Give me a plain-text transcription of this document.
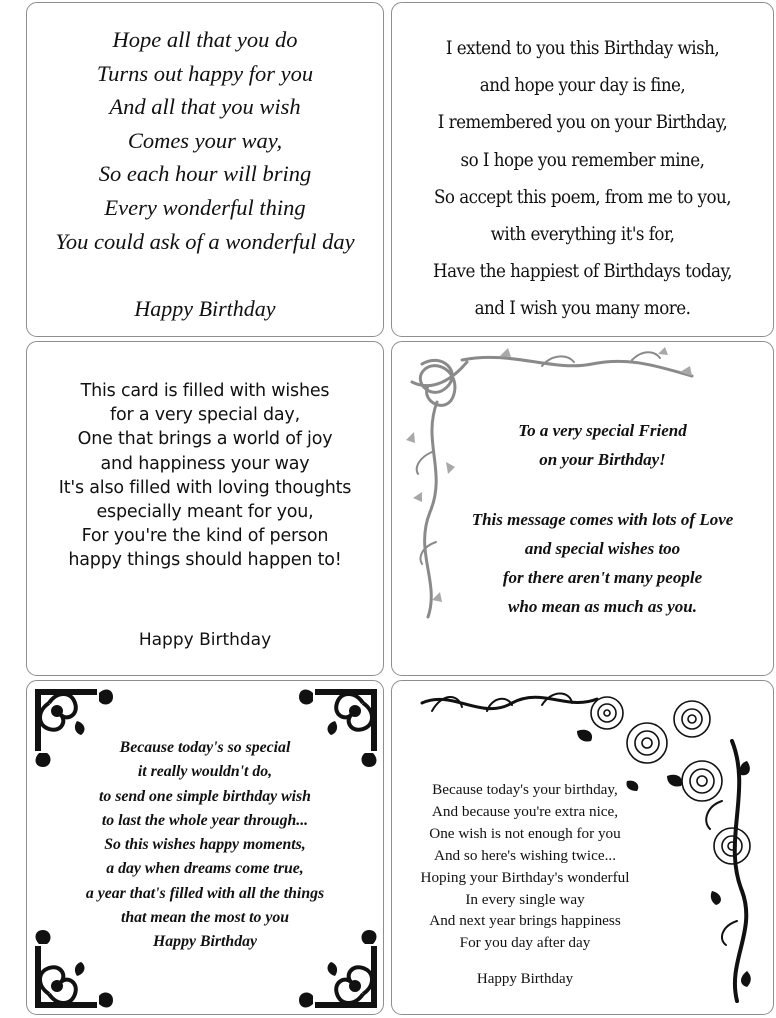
Hope all that you do
Turns out happy for you
And all that you wish
Comes your way,
So each hour will bring
Every wonderful thing
You could ask of a wonderful day
Happy Birthday
I extend to you this Birthday wish,
and hope your day is fine,
I remembered you on your Birthday,
so I hope you remember mine,
So accept this poem, from me to you,
with everything it's for,
Have the happiest of Birthdays today,
and I wish you many more.
This card is filled with wishes
for a very special day,
One that brings a world of joy
and happiness your way
It's also filled with loving thoughts
especially meant for you,
For you're the kind of person
happy things should happen to!
Happy Birthday
To a very special Friend
on your Birthday!
This message comes with lots of Love
and special wishes too
for there aren't many people
who mean as much as you.
Because today's so special
it really wouldn't do,
to send one simple birthday wish
to last the whole year through...
So this wishes happy moments,
a day when dreams come true,
a year that's filled with all the things
that mean the most to you
Happy Birthday
Because today's your birthday,
And because you're extra nice,
One wish is not enough for you
And so here's wishing twice...
Hoping your Birthday's wonderful
In every single way
And next year brings happiness
For you day after day
Happy Birthday
